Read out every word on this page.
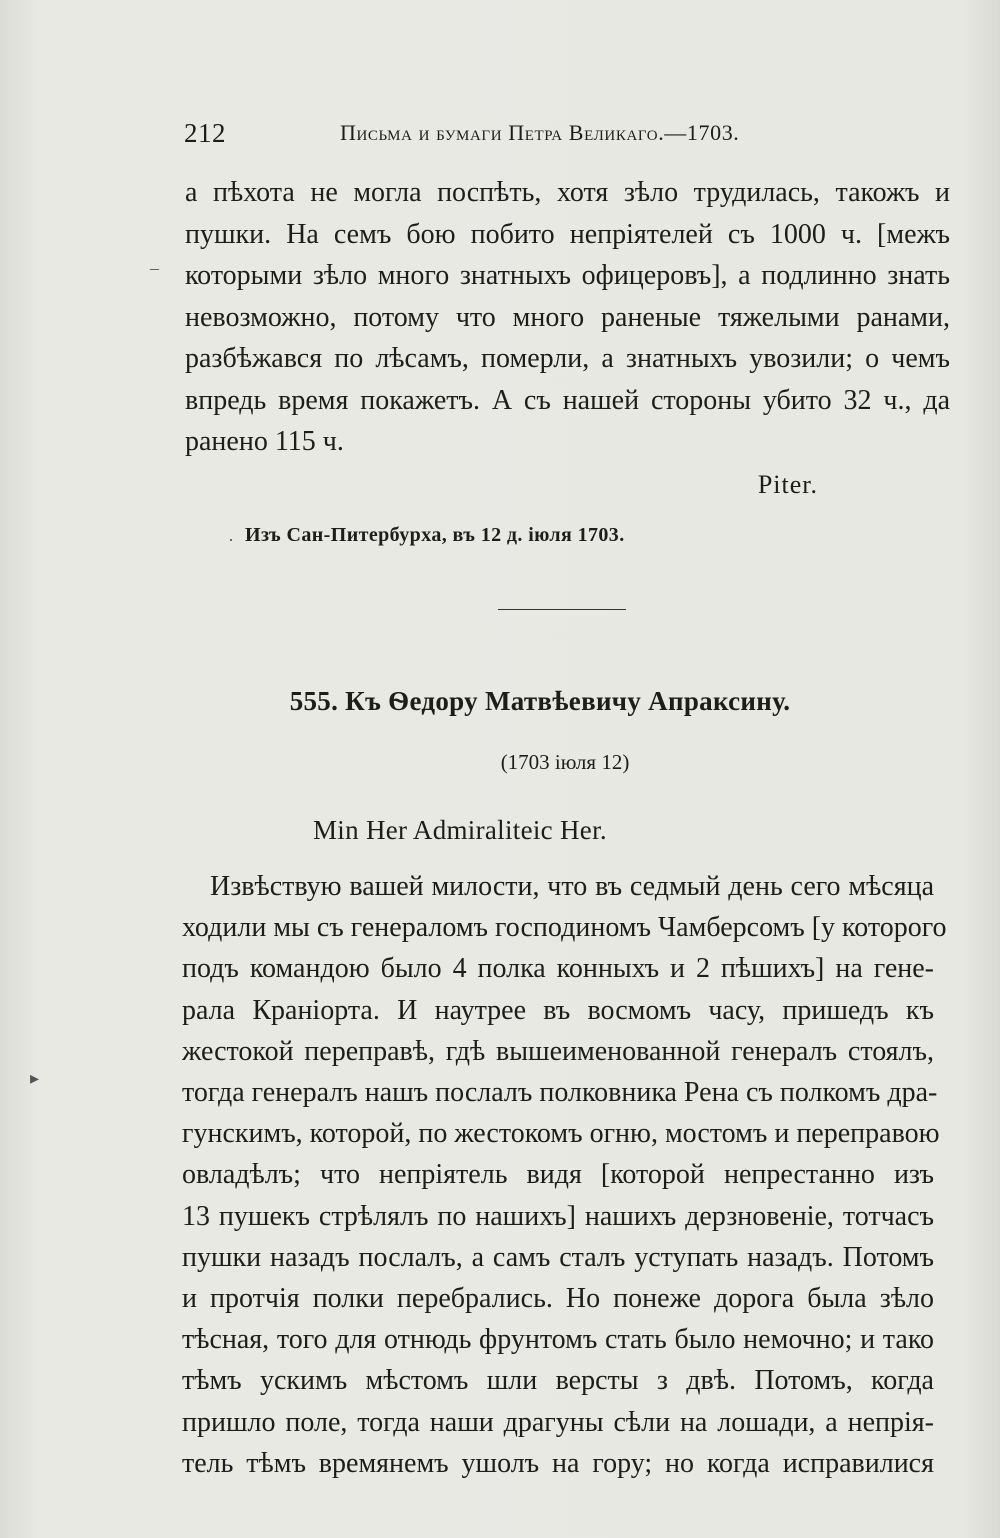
212	Письма и бумаги Петра Великаго.—1703.

а пѣхота не могла поспѣть, хотя зѣло трудилась, такожъ и
пушки. На семъ бою побито непріятелей съ 1000 ч. [межъ
которыми зѣло много знатныхъ офицеровъ], а подлинно знать
невозможно, потому что много раненые тяжелыми ранами,
разбѣжався по лѣсамъ, померли, а знатныхъ увозили; о чемъ
впредь время покажетъ. А съ нашей стороны убито 32 ч., да
ранено 115 ч.

Piter.
Изъ Сан-Питербурха, въ 12 д. іюля 1703.
555. Къ Ѳедору Матвѣевичу Апраксину.
(1703 іюля 12)
Min Her Admiraliteic Her.

Извѣствую вашей милости, что въ седмый день сего мѣсяца
ходили мы съ генераломъ господиномъ Чамберсомъ [у которого
подъ командою было 4 полка конныхъ и 2 пѣшихъ] на гене-
рала Краніорта. И наутрее въ восмомъ часу, пришедъ къ
жестокой переправѣ, гдѣ вышеименованной генералъ стоялъ,
тогда генералъ нашъ послалъ полковника Рена съ полкомъ дра-
гунскимъ, которой, по жестокомъ огню, мостомъ и переправою
овладѣлъ; что непріятель видя [которой непрестанно изъ
13 пушекъ стрѣлялъ по нашихъ] нашихъ дерзновеніе, тотчасъ
пушки назадъ послалъ, а самъ сталъ уступать назадъ. Потомъ
и протчія полки перебрались. Но понеже дорога была зѣло
тѣсная, того для отнюдь фрунтомъ стать было немочно; и тако
тѣмъ ускимъ мѣстомъ шли версты з двѣ. Потомъ, когда
пришло поле, тогда наши драгуны сѣли на лошади, а непрія-
тель тѣмъ времянемъ ушолъ на гору; но когда исправилися

–
·
▸
